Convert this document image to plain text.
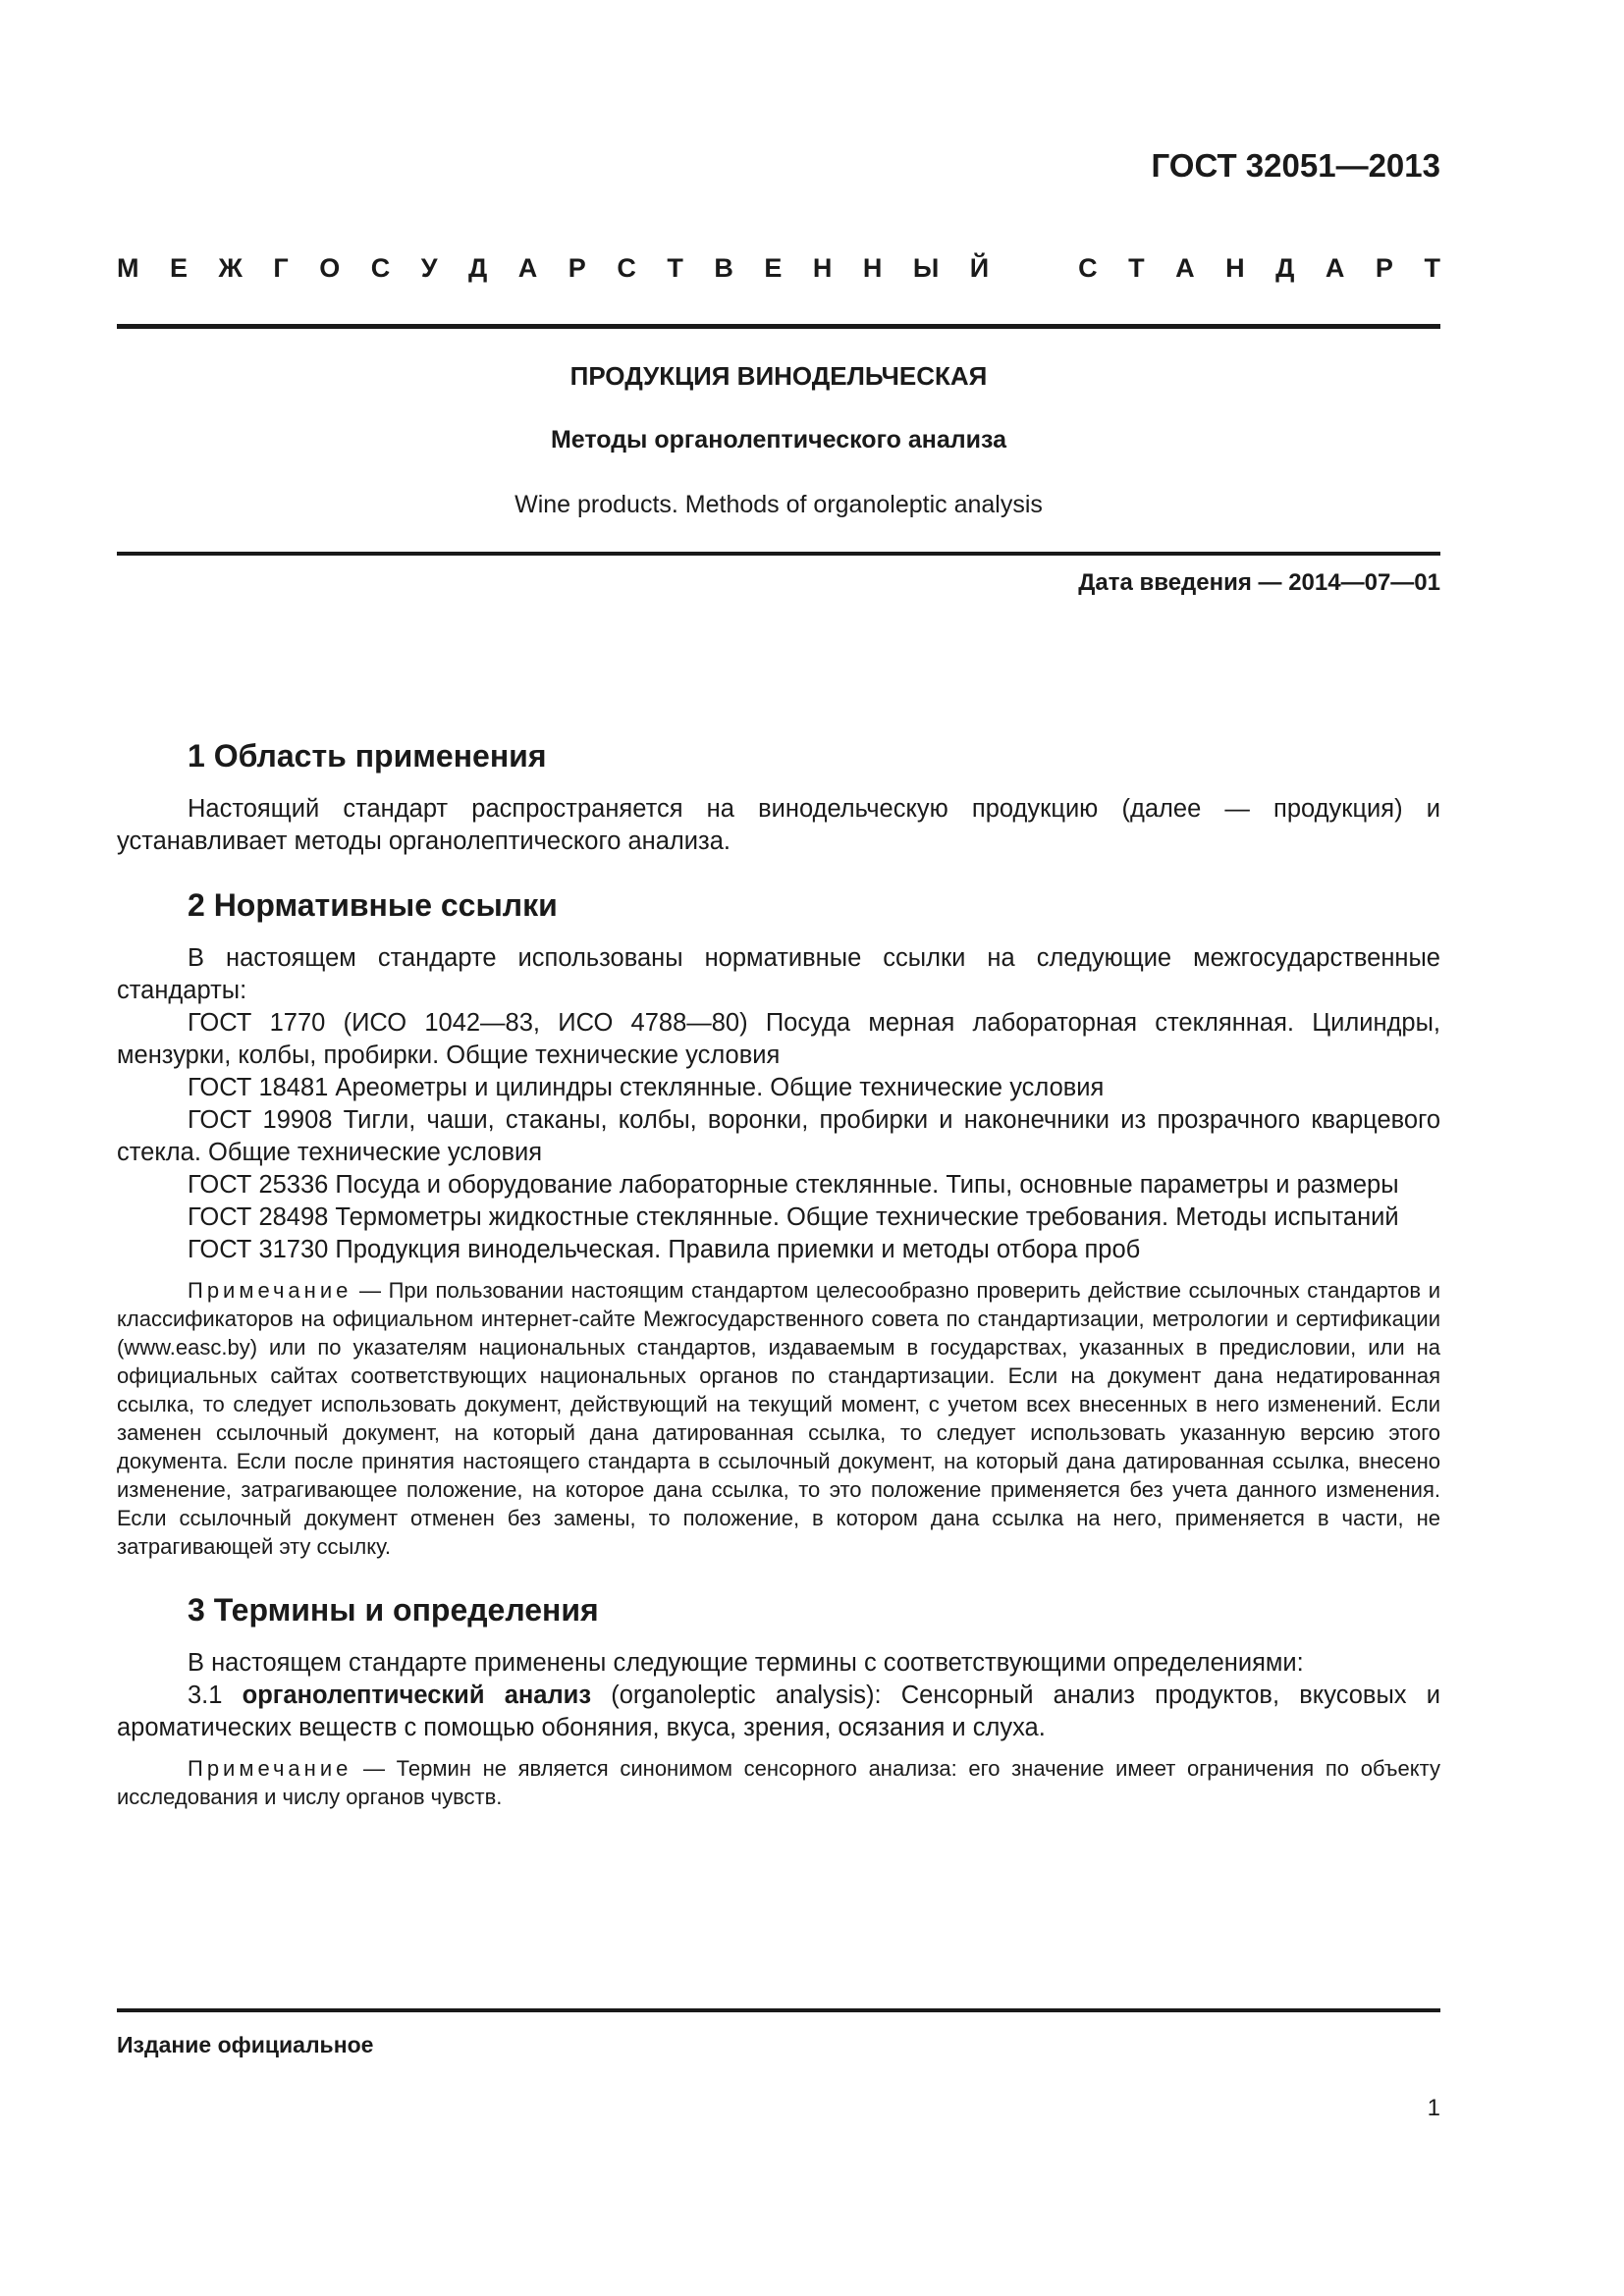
ГОСТ 32051—2013
М Е Ж Г О С У Д А Р С Т В Е Н Н Ы Й	С Т А Н Д А Р Т
ПРОДУКЦИЯ ВИНОДЕЛЬЧЕСКАЯ
Методы органолептического анализа
Wine products. Methods of organoleptic analysis
Дата введения — 2014—07—01
1 Область применения

Настоящий стандарт распространяется на винодельческую продукцию (далее — продукция) и устанавливает методы органолептического анализа.

2 Нормативные ссылки

В настоящем стандарте использованы нормативные ссылки на следующие межгосударственные стандарты:

ГОСТ 1770 (ИСО 1042—83, ИСО 4788—80) Посуда мерная лабораторная стеклянная. Цилиндры, мензурки, колбы, пробирки. Общие технические условия

ГОСТ 18481 Ареометры и цилиндры стеклянные. Общие технические условия

ГОСТ 19908 Тигли, чаши, стаканы, колбы, воронки, пробирки и наконечники из прозрачного кварцевого стекла. Общие технические условия

ГОСТ 25336 Посуда и оборудование лабораторные стеклянные. Типы, основные параметры и размеры

ГОСТ 28498 Термометры жидкостные стеклянные. Общие технические требования. Методы испытаний

ГОСТ 31730 Продукция винодельческая. Правила приемки и методы отбора проб

Примечание — При пользовании настоящим стандартом целесообразно проверить действие ссылочных стандартов и классификаторов на официальном интернет-сайте Межгосударственного совета по стандартизации, метрологии и сертификации (www.easc.by) или по указателям национальных стандартов, издаваемым в государствах, указанных в предисловии, или на официальных сайтах соответствующих национальных органов по стандартизации. Если на документ дана недатированная ссылка, то следует использовать документ, действующий на текущий момент, с учетом всех внесенных в него изменений. Если заменен ссылочный документ, на который дана датированная ссылка, то следует использовать указанную версию этого документа. Если после принятия настоящего стандарта в ссылочный документ, на который дана датированная ссылка, внесено изменение, затрагивающее положение, на которое дана ссылка, то это положение применяется без учета данного изменения. Если ссылочный документ отменен без замены, то положение, в котором дана ссылка на него, применяется в части, не затрагивающей эту ссылку.

3 Термины и определения

В настоящем стандарте применены следующие термины с соответствующими определениями:

3.1 органолептический анализ (organoleptic analysis): Сенсорный анализ продуктов, вкусовых и ароматических веществ с помощью обоняния, вкуса, зрения, осязания и слуха.

Примечание — Термин не является синонимом сенсорного анализа: его значение имеет ограничения по объекту исследования и числу органов чувств.

Издание официальное
1
